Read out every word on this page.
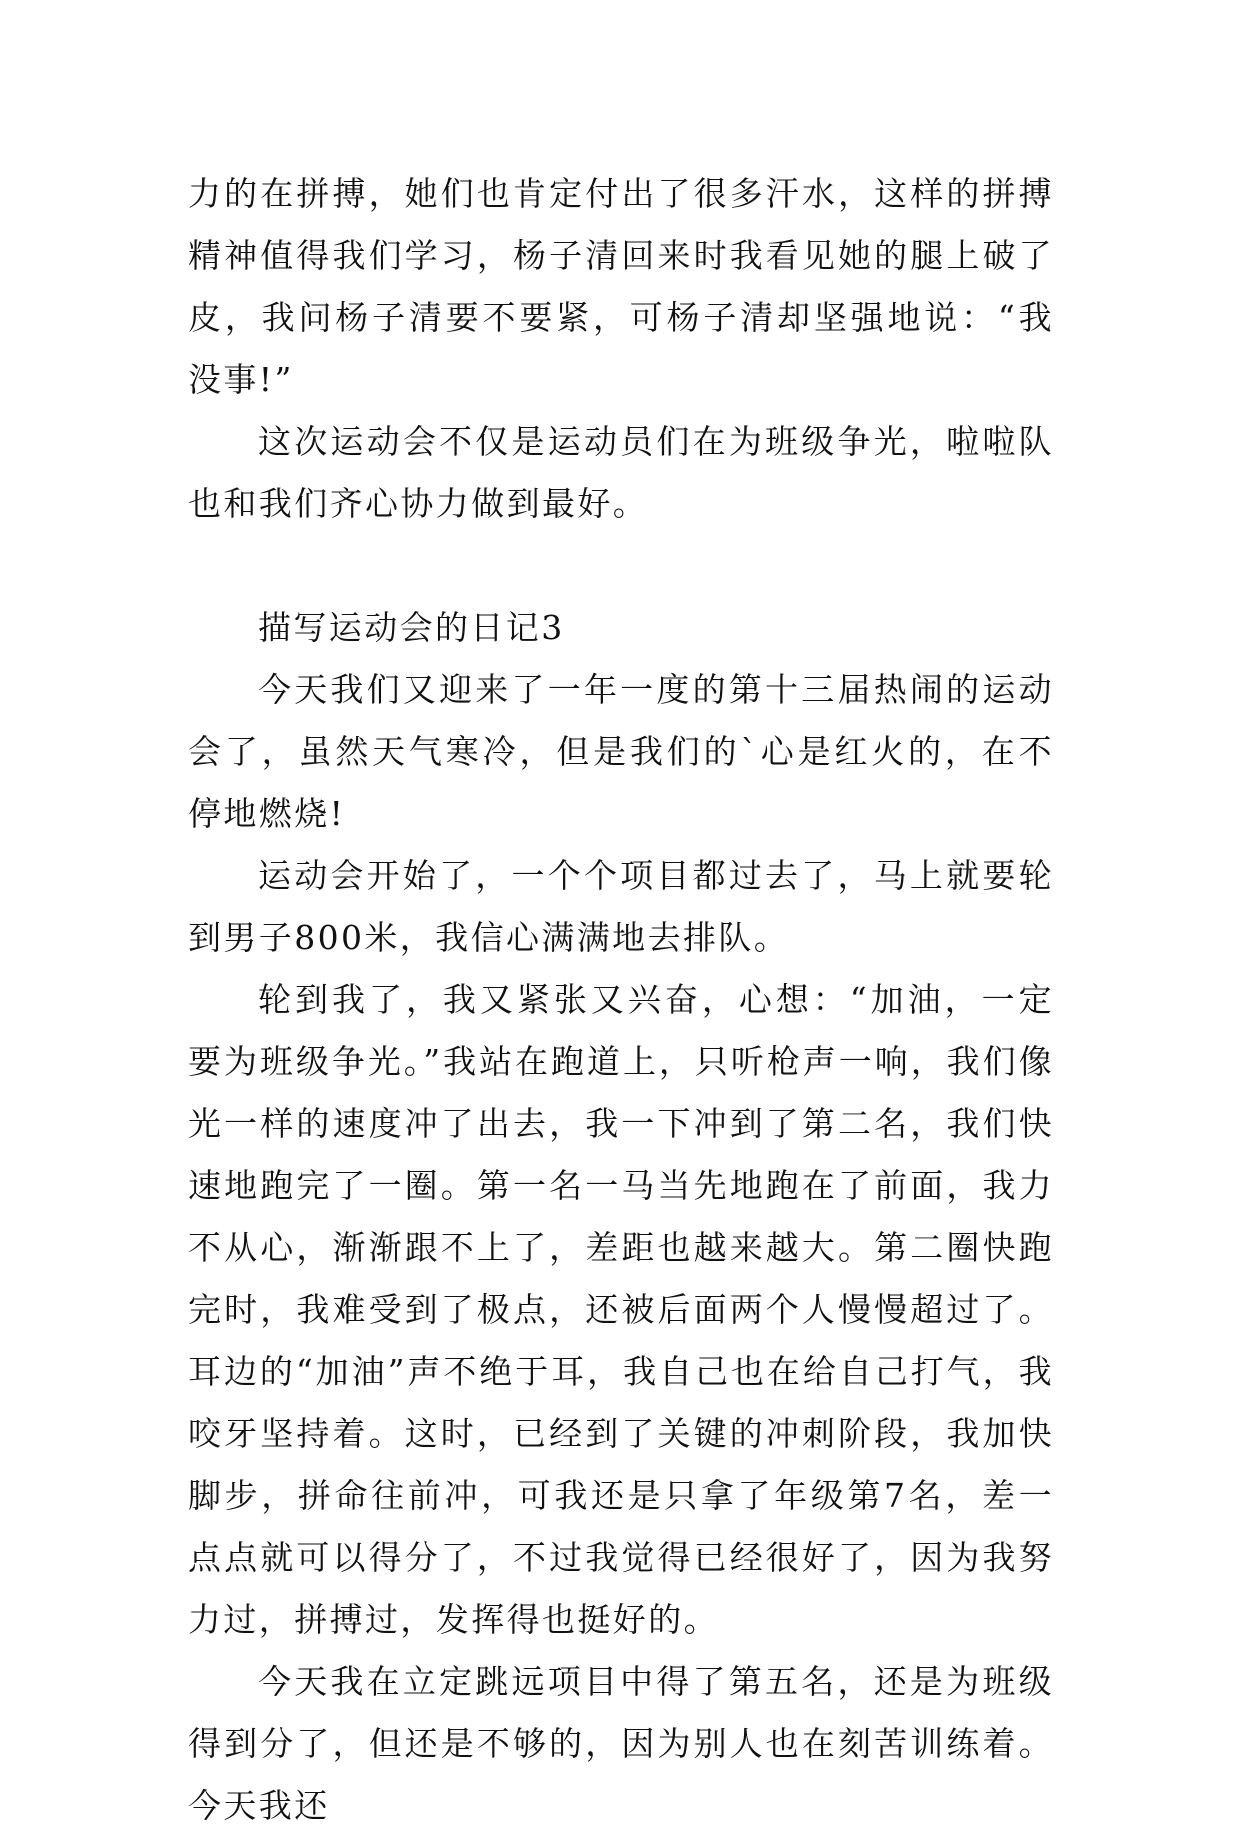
力的在拼搏，她们也肯定付出了很多汗水，这样的拼搏精神值得我们学习，杨子清回来时我看见她的腿上破了皮，我问杨子清要不要紧，可杨子清却坚强地说：“我没事!”

这次运动会不仅是运动员们在为班级争光，啦啦队也和我们齐心协力做到最好。

描写运动会的日记3

今天我们又迎来了一年一度的第十三届热闹的运动会了，虽然天气寒冷，但是我们的`心是红火的，在不停地燃烧!

运动会开始了，一个个项目都过去了，马上就要轮到男子800米，我信心满满地去排队。

轮到我了，我又紧张又兴奋，心想：“加油，一定要为班级争光。”我站在跑道上，只听枪声一响，我们像光一样的速度冲了出去，我一下冲到了第二名，我们快速地跑完了一圈。第一名一马当先地跑在了前面，我力不从心，渐渐跟不上了，差距也越来越大。第二圈快跑完时，我难受到了极点，还被后面两个人慢慢超过了。耳边的“加油”声不绝于耳，我自己也在给自己打气，我咬牙坚持着。这时，已经到了关键的冲刺阶段，我加快脚步，拼命往前冲，可我还是只拿了年级第7名，差一点点就可以得分了，不过我觉得已经很好了，因为我努力过，拼搏过，发挥得也挺好的。

今天我在立定跳远项目中得了第五名，还是为班级得到分了，但还是不够的，因为别人也在刻苦训练着。今天我还
